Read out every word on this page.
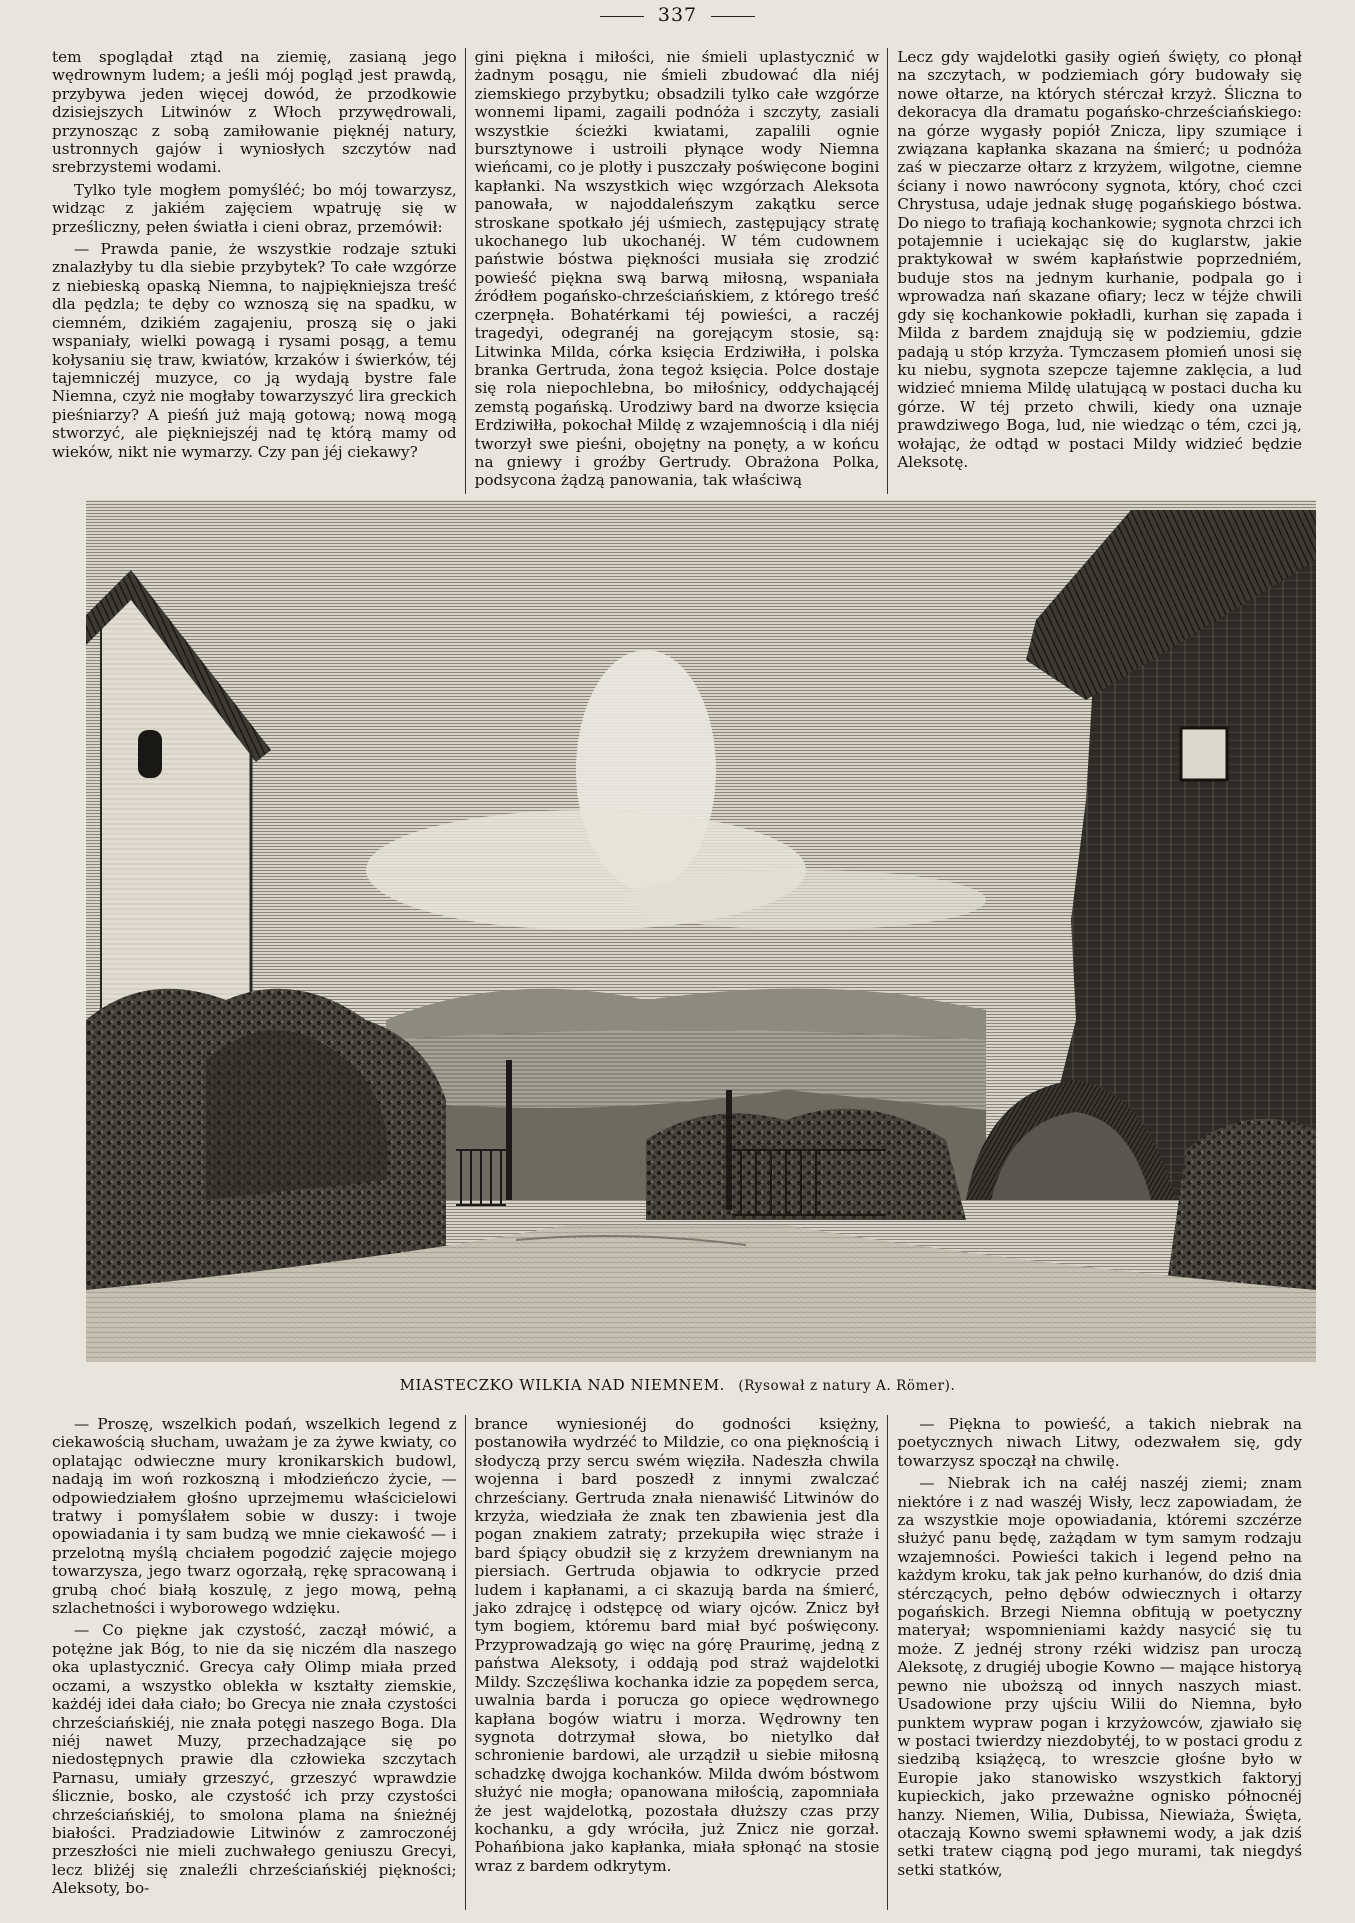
337

tem spoglądał ztąd na ziemię, zasianą jego wędrownym ludem; a jeśli mój pogląd jest prawdą, przybywa jeden więcej dowód, że przodkowie dzisiejszych Litwinów z Włoch przywędrowali, przynosząc z sobą zamiłowanie pięknéj natury, ustronnych gajów i wyniosłych szczytów nad srebrzystemi wodami.

Tylko tyle mogłem pomyśléć; bo mój towarzysz, widząc z jakiém zajęciem wpatruję się w prześliczny, pełen światła i cieni obraz, przemówił:

— Prawda panie, że wszystkie rodzaje sztuki znalazłyby tu dla siebie przybytek? To całe wzgórze z niebieską opaską Niemna, to najpiękniejsza treść dla pędzla; te dęby co wznoszą się na spadku, w ciemném, dzikiém zagajeniu, proszą się o jaki wspaniały, wielki powagą i rysami posąg, a temu kołysaniu się traw, kwiatów, krzaków i świerków, téj tajemniczéj muzyce, co ją wydają bystre fale Niemna, czyż nie mogłaby towarzyszyć lira greckich pieśniarzy? A pieśń już mają gotową; nową mogą stworzyć, ale piękniejszéj nad tę którą mamy od wieków, nikt nie wymarzy. Czy pan jéj ciekawy?

gini piękna i miłości, nie śmieli uplastycznić w żadnym posągu, nie śmieli zbudować dla niéj ziemskiego przybytku; obsadzili tylko całe wzgórze wonnemi lipami, zagaili podnóża i szczyty, zasiali wszystkie ścieżki kwiatami, zapalili ognie bursztynowe i ustroili płynące wody Niemna wieńcami, co je plotły i puszczały poświęcone bogini kapłanki. Na wszystkich więc wzgórzach Aleksota panowała, w najoddaleńszym zakątku serce stroskane spotkało jéj uśmiech, zastępujący stratę ukochanego lub ukochanéj. W tém cudownem państwie bóstwa piękności musiała się zrodzić powieść piękna swą barwą miłosną, wspaniała źródłem pogańsko-chrześciańskiem, z którego treść czerpnęła. Bohatérkami téj powieści, a raczéj tragedyi, odegranéj na gorejącym stosie, są: Litwinka Milda, córka księcia Erdziwiłła, i polska branka Gertruda, żona tegoż księcia. Polce dostaje się rola niepochlebna, bo miłośnicy, oddychającéj zemstą pogańską. Urodziwy bard na dworze księcia Erdziwiłła, pokochał Mildę z wzajemnością i dla niéj tworzył swe pieśni, obojętny na ponęty, a w końcu na gniewy i groźby Gertrudy. Obrażona Polka, podsycona żądzą panowania, tak właściwą

Lecz gdy wajdelotki gasiły ogień święty, co płonął na szczytach, w podziemiach góry budowały się nowe ołtarze, na których stérczał krzyż. Śliczna to dekoracya dla dramatu pogańsko-chrześciańskiego: na górze wygasły popiół Znicza, lipy szumiące i związana kapłanka skazana na śmierć; u podnóża zaś w pieczarze ołtarz z krzyżem, wilgotne, ciemne ściany i nowo nawrócony sygnota, który, choć czci Chrystusa, udaje jednak sługę pogańskiego bóstwa. Do niego to trafiają kochankowie; sygnota chrzci ich potajemnie i uciekając się do kuglarstw, jakie praktykował w swém kapłaństwie poprzedniém, buduje stos na jednym kurhanie, podpala go i wprowadza nań skazane ofiary; lecz w téjże chwili gdy się kochankowie pokładli, kurhan się zapada i Milda z bardem znajdują się w podziemiu, gdzie padają u stóp krzyża. Tymczasem płomień unosi się ku niebu, sygnota szepcze tajemne zaklęcia, a lud widzieć mniema Mildę ulatującą w postaci ducha ku górze. W téj przeto chwili, kiedy ona uznaje prawdziwego Boga, lud, nie wiedząc o tém, czci ją, wołając, że odtąd w postaci Mildy widzieć będzie Aleksotę.

MIASTECZKO WILKIA NAD NIEMNEM. (Rysował z natury A. Römer).

— Proszę, wszelkich podań, wszelkich legend z ciekawością słucham, uważam je za żywe kwiaty, co oplatając odwieczne mury kronikarskich budowl, nadają im woń rozkoszną i młodzieńczo życie, — odpowiedziałem głośno uprzejmemu właścicielowi tratwy i pomyślałem sobie w duszy: i twoje opowiadania i ty sam budzą we mnie ciekawość — i przelotną myślą chciałem pogodzić zajęcie mojego towarzysza, jego twarz ogorzałą, rękę spracowaną i grubą choć białą koszulę, z jego mową, pełną szlachetności i wyborowego wdzięku.

— Co piękne jak czystość, zaczął mówić, a potężne jak Bóg, to nie da się niczém dla naszego oka uplastycznić. Grecya cały Olimp miała przed oczami, a wszystko oblekła w kształty ziemskie, każdéj idei dała ciało; bo Grecya nie znała czystości chrześciańskiéj, nie znała potęgi naszego Boga. Dla niéj nawet Muzy, przechadzające się po niedostępnych prawie dla człowieka szczytach Parnasu, umiały grzeszyć, grzeszyć wprawdzie ślicznie, bosko, ale czystość ich przy czystości chrześciańskiéj, to smolona plama na śnieżnéj białości. Pradziadowie Litwinów z zamroczonéj przeszłości nie mieli zuchwałego geniuszu Grecyi, lecz bliżéj się znaleźli chrześciańskiéj piękności; Aleksoty, bo-

brance wyniesionéj do godności księżny, postanowiła wydrzéć to Mildzie, co ona pięknością i słodyczą przy sercu swém więziła. Nadeszła chwila wojenna i bard poszedł z innymi zwalczać chrześciany. Gertruda znała nienawiść Litwinów do krzyża, wiedziała że znak ten zbawienia jest dla pogan znakiem zatraty; przekupiła więc straże i bard śpiący obudził się z krzyżem drewnianym na piersiach. Gertruda objawia to odkrycie przed ludem i kapłanami, a ci skazują barda na śmierć, jako zdrajcę i odstępcę od wiary ojców. Znicz był tym bogiem, któremu bard miał być poświęcony. Przyprowadzają go więc na górę Praurimę, jedną z państwa Aleksoty, i oddają pod straż wajdelotki Mildy. Szczęśliwa kochanka idzie za popędem serca, uwalnia barda i porucza go opiece wędrownego kapłana bogów wiatru i morza. Wędrowny ten sygnota dotrzymał słowa, bo nietylko dał schronienie bardowi, ale urządził u siebie miłosną schadzkę dwojga kochanków. Milda dwóm bóstwom służyć nie mogła; opanowana miłością, zapomniała że jest wajdelotką, pozostała dłuższy czas przy kochanku, a gdy wróciła, już Znicz nie gorzał. Pohańbiona jako kapłanka, miała spłonąć na stosie wraz z bardem odkrytym.

— Piękna to powieść, a takich niebrak na poetycznych niwach Litwy, odezwałem się, gdy towarzysz spoczął na chwilę.

— Niebrak ich na całéj naszéj ziemi; znam niektóre i z nad waszéj Wisły, lecz zapowiadam, że za wszystkie moje opowiadania, któremi szczérze służyć panu będę, zażądam w tym samym rodzaju wzajemności. Powieści takich i legend pełno na każdym kroku, tak jak pełno kurhanów, do dziś dnia stérczących, pełno dębów odwiecznych i ołtarzy pogańskich. Brzegi Niemna obfitują w poetyczny materyał; wspomnieniami każdy nasycić się tu może. Z jednéj strony rzéki widzisz pan uroczą Aleksotę, z drugiéj ubogie Kowno — mające historyą pewno nie uboższą od innych naszych miast. Usadowione przy ujściu Wilii do Niemna, było punktem wypraw pogan i krzyżowców, zjawiało się w postaci twierdzy niezdobytéj, to w postaci grodu z siedzibą książęcą, to wreszcie głośne było w Europie jako stanowisko wszystkich faktoryj kupieckich, jako przeważne ognisko północnéj hanzy. Niemen, Wilia, Dubissa, Niewiaża, Święta, otaczają Kowno swemi spławnemi wody, a jak dziś setki tratew ciągną pod jego murami, tak niegdyś setki statków,
